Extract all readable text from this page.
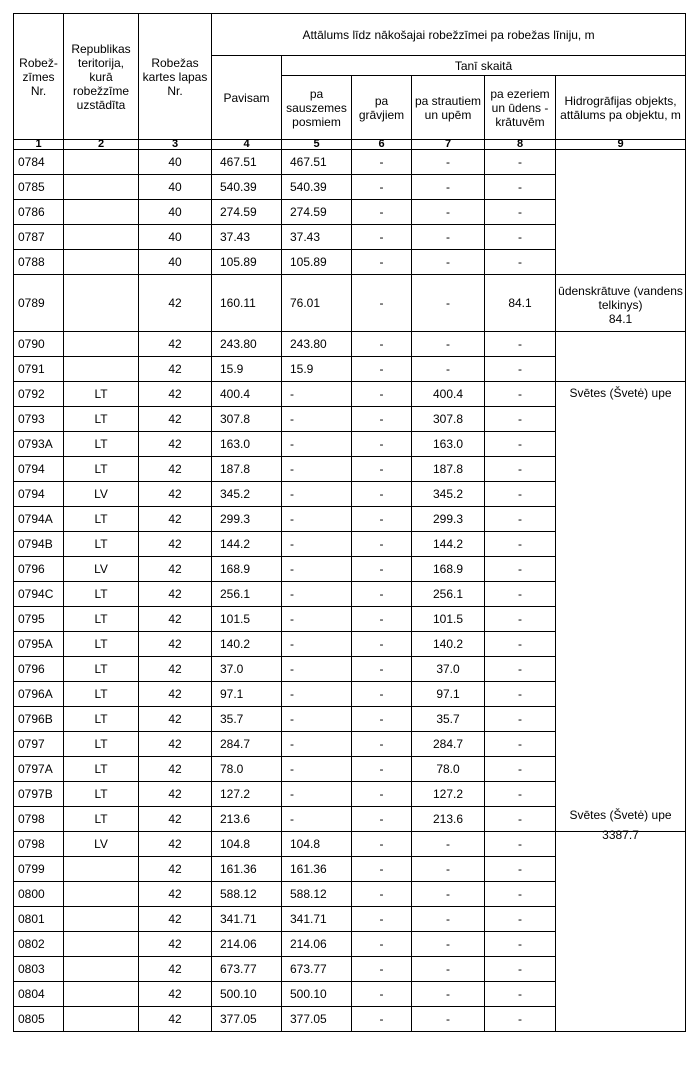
Robež-zīmes Nr.	Republikas teritorija, kurā robežzīme uzstādīta	Robežas kartes lapas Nr.	Attālums līdz nākošajai robežzīmei pa robežas līniju, m					
			Pavisam	Tanī skaitā				
				pa sauszemes posmiem	pa grāvjiem	pa strautiem un upēm	pa ezeriem un ūdens - krātuvēm	Hidrogrāfijas objekts, attālums pa objektu, m
1	2	3	4	5	6	7	8	9
0784		40	467.51	467.51	-	-	-	
0785		40	540.39	540.39	-	-	-	
0786		40	274.59	274.59	-	-	-	
0787		40	37.43	37.43	-	-	-	
0788		40	105.89	105.89	-	-	-	
0789		42	160.11	76.01	-	-	84.1	ūdenskrātuve (vandens telkinys)
84.1

0790		42	243.80	243.80	-	-	-	
0791		42	15.9	15.9	-	-	-	
0792	LT	42	400.4	-	-	400.4	-	Svētes (Švetė) upe
Svētes (Švetė) upe
3387.7

0793	LT	42	307.8	-	-	307.8	-	
0793A	LT	42	163.0	-	-	163.0	-	
0794	LT	42	187.8	-	-	187.8	-	
0794	LV	42	345.2	-	-	345.2	-	
0794A	LT	42	299.3	-	-	299.3	-	
0794B	LT	42	144.2	-	-	144.2	-	
0796	LV	42	168.9	-	-	168.9	-	
0794C	LT	42	256.1	-	-	256.1	-	
0795	LT	42	101.5	-	-	101.5	-	
0795A	LT	42	140.2	-	-	140.2	-	
0796	LT	42	37.0	-	-	37.0	-	
0796A	LT	42	97.1	-	-	97.1	-	
0796B	LT	42	35.7	-	-	35.7	-	
0797	LT	42	284.7	-	-	284.7	-	
0797A	LT	42	78.0	-	-	78.0	-	
0797B	LT	42	127.2	-	-	127.2	-	
0798	LT	42	213.6	-	-	213.6	-	
0798	LV	42	104.8	104.8	-	-	-	
0799		42	161.36	161.36	-	-	-	
0800		42	588.12	588.12	-	-	-	
0801		42	341.71	341.71	-	-	-	
0802		42	214.06	214.06	-	-	-	
0803		42	673.77	673.77	-	-	-	
0804		42	500.10	500.10	-	-	-	
0805		42	377.05	377.05	-	-	-	
